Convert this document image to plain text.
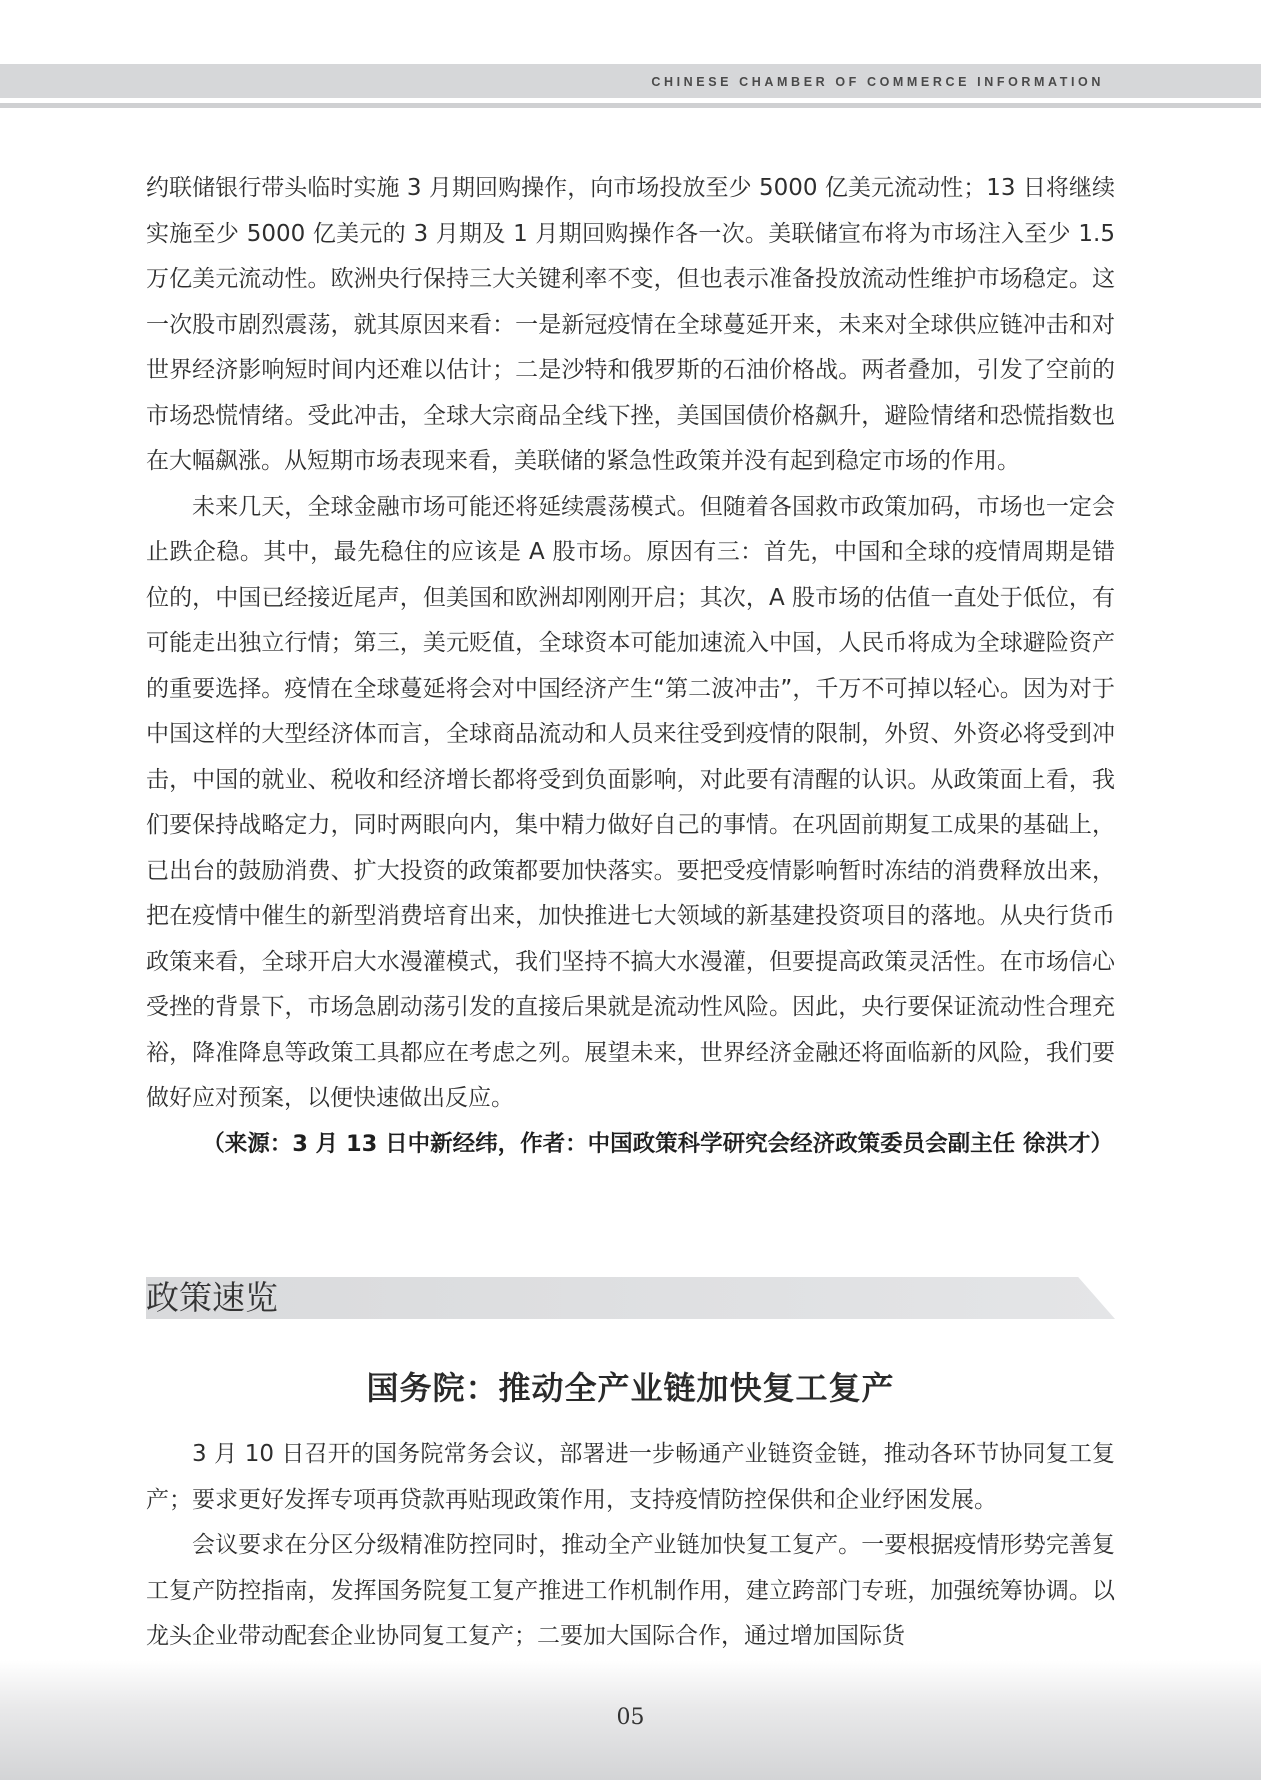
CHINESE CHAMBER OF COMMERCE INFORMATION

约联储银行带头临时实施 3 月期回购操作，向市场投放至少 5000 亿美元流动性；13 日将继续实施至少 5000 亿美元的 3 月期及 1 月期回购操作各一次。美联储宣布将为市场注入至少 1.5 万亿美元流动性。欧洲央行保持三大关键利率不变，但也表示准备投放流动性维护市场稳定。这一次股市剧烈震荡，就其原因来看：一是新冠疫情在全球蔓延开来，未来对全球供应链冲击和对世界经济影响短时间内还难以估计；二是沙特和俄罗斯的石油价格战。两者叠加，引发了空前的市场恐慌情绪。受此冲击，全球大宗商品全线下挫，美国国债价格飙升，避险情绪和恐慌指数也在大幅飙涨。从短期市场表现来看，美联储的紧急性政策并没有起到稳定市场的作用。

未来几天，全球金融市场可能还将延续震荡模式。但随着各国救市政策加码，市场也一定会止跌企稳。其中，最先稳住的应该是 A 股市场。原因有三：首先，中国和全球的疫情周期是错位的，中国已经接近尾声，但美国和欧洲却刚刚开启；其次，A 股市场的估值一直处于低位，有可能走出独立行情；第三，美元贬值，全球资本可能加速流入中国，人民币将成为全球避险资产的重要选择。疫情在全球蔓延将会对中国经济产生“第二波冲击”，千万不可掉以轻心。因为对于中国这样的大型经济体而言，全球商品流动和人员来往受到疫情的限制，外贸、外资必将受到冲击，中国的就业、税收和经济增长都将受到负面影响，对此要有清醒的认识。从政策面上看，我们要保持战略定力，同时两眼向内，集中精力做好自己的事情。在巩固前期复工成果的基础上，已出台的鼓励消费、扩大投资的政策都要加快落实。要把受疫情影响暂时冻结的消费释放出来，把在疫情中催生的新型消费培育出来，加快推进七大领域的新基建投资项目的落地。从央行货币政策来看，全球开启大水漫灌模式，我们坚持不搞大水漫灌，但要提高政策灵活性。在市场信心受挫的背景下，市场急剧动荡引发的直接后果就是流动性风险。因此，央行要保证流动性合理充裕，降准降息等政策工具都应在考虑之列。展望未来，世界经济金融还将面临新的风险，我们要做好应对预案，以便快速做出反应。

（来源：3 月 13 日中新经纬，作者：中国政策科学研究会经济政策委员会副主任 徐洪才）

政策速览
国务院：推动全产业链加快复工复产

3 月 10 日召开的国务院常务会议，部署进一步畅通产业链资金链，推动各环节协同复工复产；要求更好发挥专项再贷款再贴现政策作用，支持疫情防控保供和企业纾困发展。

会议要求在分区分级精准防控同时，推动全产业链加快复工复产。一要根据疫情形势完善复工复产防控指南，发挥国务院复工复产推进工作机制作用，建立跨部门专班，加强统筹协调。以龙头企业带动配套企业协同复工复产；二要加大国际合作，通过增加国际货

05
